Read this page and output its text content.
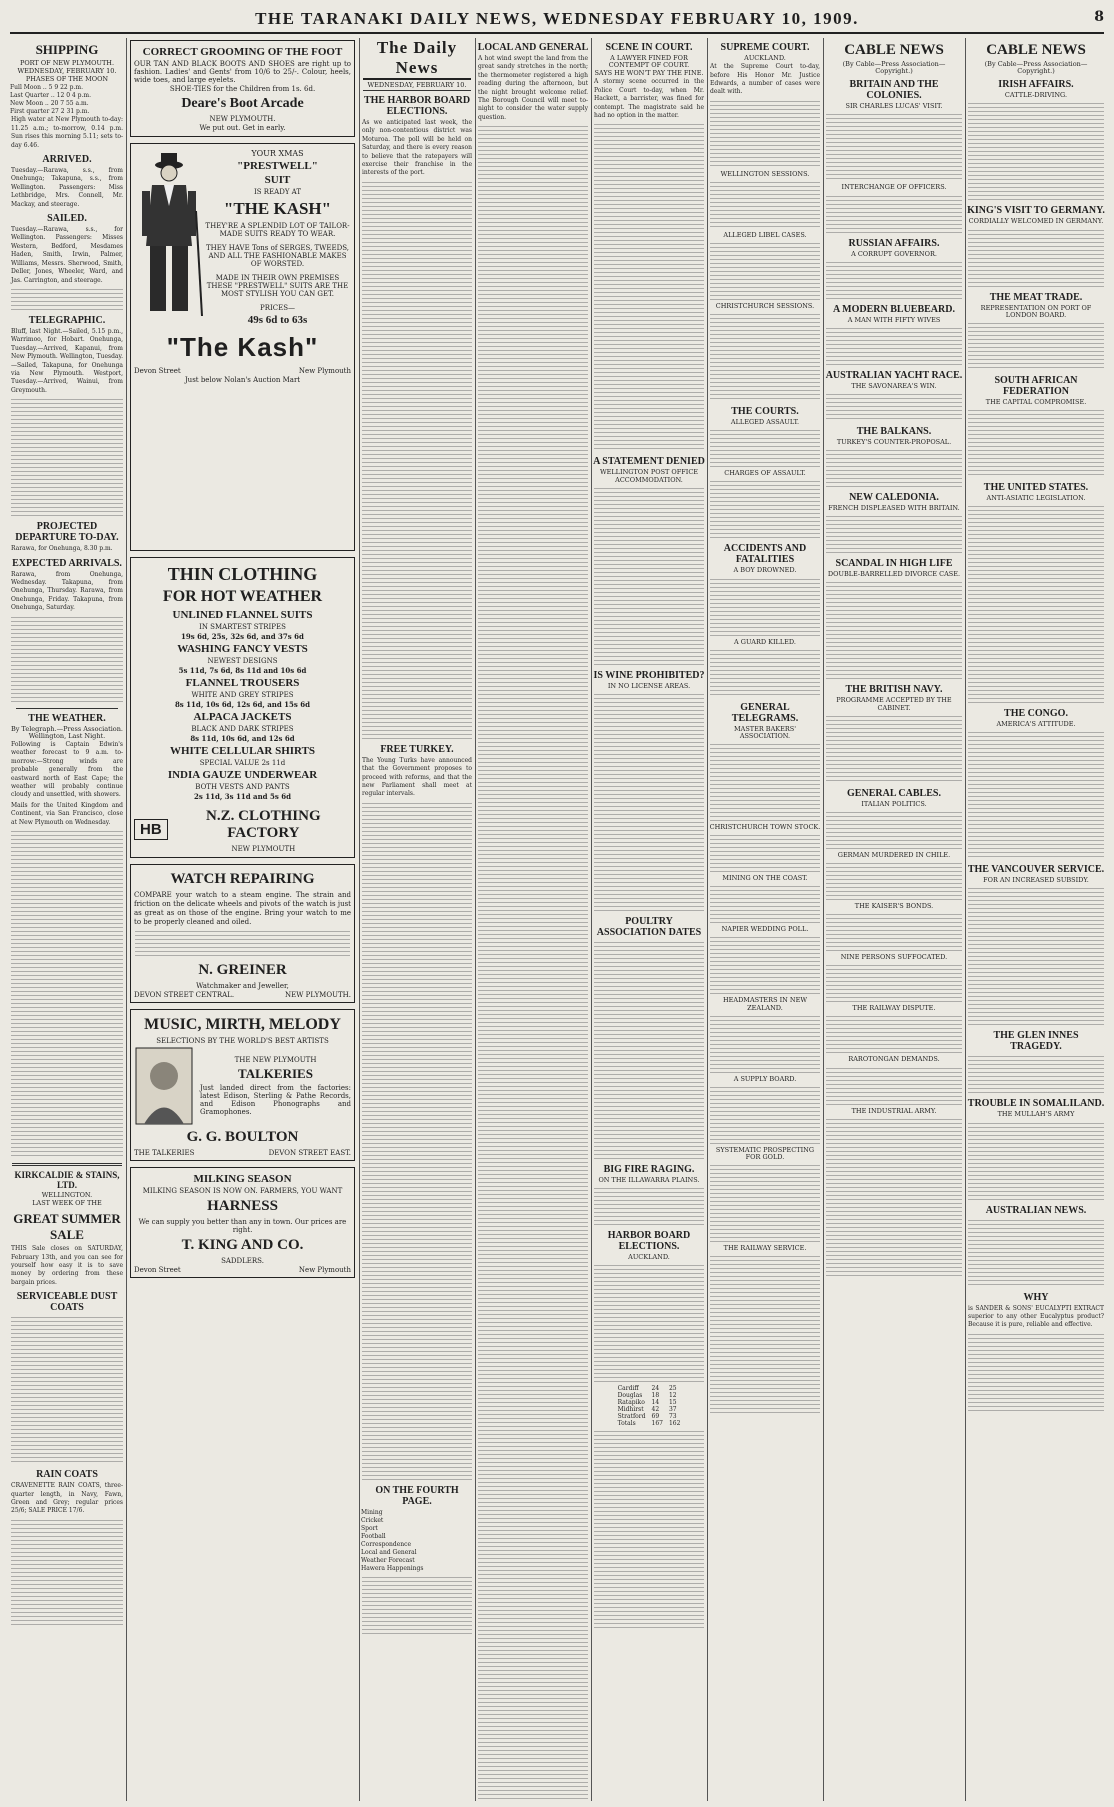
THE TARANAKI DAILY NEWS, WEDNESDAY FEBRUARY 10, 1909.	8
SHIPPING
PORT OF NEW PLYMOUTH.
WEDNESDAY, FEBRUARY 10.
PHASES OF THE MOON

Full Moon .. 5 9 22 p.m.

Last Quarter .. 12 0 4 p.m.

New Moon .. 20 7 55 a.m.

First quarter 27 2 31 p.m.

High water at New Plymouth to-day: 11.25 a.m.; to-morrow, 0.14 p.m. Sun rises this morning 5.11; sets to-day 6.46.
ARRIVED.
Tuesday.—Rarawa, s.s., from Onehunga; Takapuna, s.s., from Wellington. Passengers: Miss Lethbridge, Mrs. Connell, Mr. Mackay, and steerage.
SAILED.
Tuesday.—Rarawa, s.s., for Wellington. Passengers: Misses Western, Bedford, Mesdames Haden, Smith, Irwin, Palmer, Williams, Messrs. Sherwood, Smith, Deller, Jones, Wheeler, Ward, and Jas. Carrington, and steerage.
TELEGRAPHIC.
Bluff, last Night.—Sailed, 5.15 p.m., Warrimoo, for Hobart. Onehunga, Tuesday.—Arrived, Kapanui, from New Plymouth. Wellington, Tuesday.—Sailed, Takapuna, for Onehunga via New Plymouth. Westport, Tuesday.—Arrived, Wainui, from Greymouth.
PROJECTED DEPARTURE TO-DAY.
Rarawa, for Onehunga, 8.30 p.m.
EXPECTED ARRIVALS.
Rarawa, from Onehunga, Wednesday. Takapuna, from Onehunga, Thursday. Rarawa, from Onehunga, Friday. Takapuna, from Onehunga, Saturday.
THE WEATHER.
By Telegraph.—Press Association. Wellington, Last Night.
Following is Captain Edwin's weather forecast to 9 a.m. to-morrow:—Strong winds are probable generally from the eastward north of East Cape; the weather will probably continue cloudy and unsettled, with showers.
Mails for the United Kingdom and Continent, via San Francisco, close at New Plymouth on Wednesday.
KIRKCALDIE & STAINS, LTD.
WELLINGTON.
LAST WEEK OF THE
GREAT SUMMER SALE
THIS Sale closes on SATURDAY, February 13th, and you can see for yourself how easy it is to save money by ordering from these bargain prices.
SERVICEABLE DUST COATS
RAIN COATS
CRAVENETTE RAIN COATS, three-quarter length, in Navy, Fawn, Green and Grey; regular prices 25/6; SALE PRICE 17/6.
CORRECT GROOMING OF THE FOOT
OUR TAN AND BLACK BOOTS AND SHOES are right up to fashion. Ladies' and Gents' from 10/6 to 25/-. Colour, heels, wide toes, and large eyelets.
SHOE-TIES for the Children from 1s. 6d.
Deare's Boot Arcade
NEW PLYMOUTH.
We put out. Get in early.
YOUR XMAS
"PRESTWELL"
SUIT
IS READY AT
"THE KASH"
THEY'RE A SPLENDID LOT OF TAILOR-MADE SUITS READY TO WEAR.
THEY HAVE Tons of SERGES, TWEEDS, AND ALL THE FASHIONABLE MAKES OF WORSTED.
MADE IN THEIR OWN PREMISES THESE "PRESTWELL" SUITS ARE THE MOST STYLISH YOU CAN GET.
PRICES—
49s 6d to 63s
"The Kash"
Devon Street	New Plymouth
Just below Nolan's Auction Mart
THIN CLOTHING
FOR HOT WEATHER
UNLINED FLANNEL SUITS
IN SMARTEST STRIPES
19s 6d, 25s, 32s 6d, and 37s 6d
WASHING FANCY VESTS
NEWEST DESIGNS
5s 11d, 7s 6d, 8s 11d and 10s 6d
FLANNEL TROUSERS
WHITE AND GREY STRIPES
8s 11d, 10s 6d, 12s 6d, and 15s 6d
ALPACA JACKETS
BLACK AND DARK STRIPES
8s 11d, 10s 6d, and 12s 6d
WHITE CELLULAR SHIRTS
SPECIAL VALUE 2s 11d
INDIA GAUZE UNDERWEAR
BOTH VESTS AND PANTS
2s 11d, 3s 11d and 5s 6d
HB
N.Z. CLOTHING FACTORY
NEW PLYMOUTH
WATCH REPAIRING
COMPARE your watch to a steam engine. The strain and friction on the delicate wheels and pivots of the watch is just as great as on those of the engine. Bring your watch to me to be properly cleaned and oiled.
N. GREINER
Watchmaker and Jeweller,
DEVON STREET CENTRAL.	NEW PLYMOUTH.
MUSIC, MIRTH, MELODY
SELECTIONS BY THE WORLD'S BEST ARTISTS
THE NEW PLYMOUTH
TALKERIES
Just landed direct from the factories: latest Edison, Sterling & Pathe Records, and Edison Phonographs and Gramophones.
G. G. BOULTON
THE TALKERIES	DEVON STREET EAST.
MILKING SEASON
MILKING SEASON IS NOW ON. FARMERS, YOU WANT
HARNESS
We can supply you better than any in town. Our prices are right.
T. KING AND CO.
SADDLERS.
Devon Street	New Plymouth
The Daily News
WEDNESDAY, FEBRUARY 10.
THE HARBOR BOARD ELECTIONS.
As we anticipated last week, the only non-contentious district was Moturoa. The poll will be held on Saturday, and there is every reason to believe that the ratepayers will exercise their franchise in the interests of the port.
FREE TURKEY.
The Young Turks have announced that the Government proposes to proceed with reforms, and that the new Parliament shall meet at regular intervals.
ON THE FOURTH PAGE.

Mining

Cricket

Sport

Football

Correspondence

Local and General

Weather Forecast

Hawera Happenings

LOCAL AND GENERAL
A hot wind swept the land from the great sandy stretches in the north; the thermometer registered a high reading during the afternoon, but the night brought welcome relief. The Borough Council will meet to-night to consider the water supply question.
SCENE IN COURT.
A LAWYER FINED FOR CONTEMPT OF COURT.
SAYS HE WON'T PAY THE FINE.
A stormy scene occurred in the Police Court to-day, when Mr. Hackett, a barrister, was fined for contempt. The magistrate said he had no option in the matter.
A STATEMENT DENIED
WELLINGTON POST OFFICE ACCOMMODATION.
IS WINE PROHIBITED?
IN NO LICENSE AREAS.
POULTRY ASSOCIATION DATES
BIG FIRE RAGING.
ON THE ILLAWARRA PLAINS.
HARBOR BOARD ELECTIONS.
AUCKLAND.
Cardiff	24	25
Douglas	18	12
Ratapiko	14	15
Midhirst	42	37
Stratford	69	73
Totals	167	162
SUPREME COURT.
AUCKLAND.
At the Supreme Court to-day, before His Honor Mr. Justice Edwards, a number of cases were dealt with.
WELLINGTON SESSIONS.
ALLEGED LIBEL CASES.
CHRISTCHURCH SESSIONS.
THE COURTS.
ALLEGED ASSAULT.
CHARGES OF ASSAULT.
ACCIDENTS AND FATALITIES
A BOY DROWNED.
A GUARD KILLED.
GENERAL TELEGRAMS.
MASTER BAKERS' ASSOCIATION.
CHRISTCHURCH TOWN STOCK.
MINING ON THE COAST.
NAPIER WEDDING POLL.
HEADMASTERS IN NEW ZEALAND.
A SUPPLY BOARD.
SYSTEMATIC PROSPECTING FOR GOLD.
THE RAILWAY SERVICE.
CABLE NEWS
(By Cable—Press Association—Copyright.)
BRITAIN AND THE COLONIES.
SIR CHARLES LUCAS' VISIT.
INTERCHANGE OF OFFICERS.
RUSSIAN AFFAIRS.
A CORRUPT GOVERNOR.
A MODERN BLUEBEARD.
A MAN WITH FIFTY WIVES
AUSTRALIAN YACHT RACE.
THE SAVONAREA'S WIN.
THE BALKANS.
TURKEY'S COUNTER-PROPOSAL.
NEW CALEDONIA.
FRENCH DISPLEASED WITH BRITAIN.
SCANDAL IN HIGH LIFE
DOUBLE-BARRELLED DIVORCE CASE.
THE BRITISH NAVY.
PROGRAMME ACCEPTED BY THE CABINET.
GENERAL CABLES.
ITALIAN POLITICS.
GERMAN MURDERED IN CHILE.
THE KAISER'S BONDS.
NINE PERSONS SUFFOCATED.
THE RAILWAY DISPUTE.
RAROTONGAN DEMANDS.
THE INDUSTRIAL ARMY.
CABLE NEWS
(By Cable—Press Association—Copyright.)
IRISH AFFAIRS.
CATTLE-DRIVING.
KING'S VISIT TO GERMANY.
CORDIALLY WELCOMED IN GERMANY.
THE MEAT TRADE.
REPRESENTATION ON PORT OF LONDON BOARD.
SOUTH AFRICAN FEDERATION
THE CAPITAL COMPROMISE.
THE UNITED STATES.
ANTI-ASIATIC LEGISLATION.
THE CONGO.
AMERICA'S ATTITUDE.
THE VANCOUVER SERVICE.
FOR AN INCREASED SUBSIDY.
THE GLEN INNES TRAGEDY.
TROUBLE IN SOMALILAND.
THE MULLAH'S ARMY
AUSTRALIAN NEWS.
WHY
is SANDER & SONS' EUCALYPTI EXTRACT superior to any other Eucalyptus product? Because it is pure, reliable and effective.
